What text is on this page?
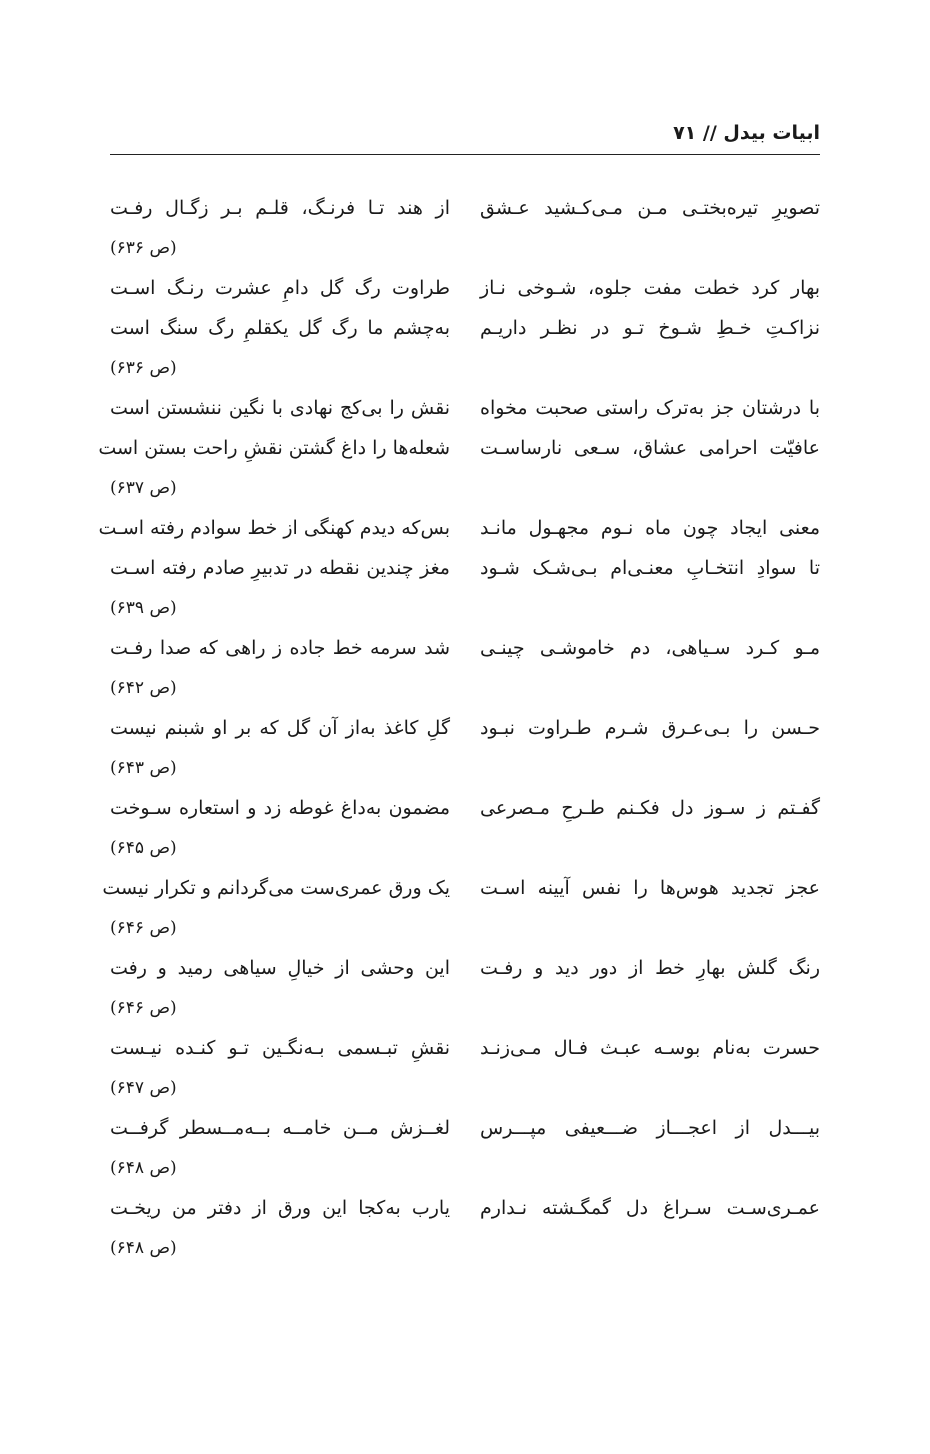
ابیات بیدل // ۷۱
تصویرِ تیره‌بختـی مـن مـی‌کـشید عـشق
از هند تـا فرنـگ، قلـم بـر زگـال رفـت
(ص ۶۳۶)
بهار کرد خطت مفت جلوه، شـوخی نـاز
طراوت رگ گل دامِ عشرت رنـگ اسـت
نزاکـتِ خـطِ شـوخ تـو در نظـر داریـم
به‌چشم ما رگ گل یکقلمِ رگ سنگ است
(ص ۶۳۶)
با درشتان جز به‌ترک راستی صحبت مخواه
نقش را بی‌کج نهادی با نگین ننشستن است
عافیّت احرامی عشاق، سـعی نارساسـت
شعله‌ها را داغ گشتن نقشِ راحت بستن است
(ص ۶۳۷)
معنی ایجاد چون ماه نـوم مجهـول مانـد
بس‌که دیدم کهنگی از خط سوادم رفته اسـت
تا سوادِ انتخـابِ معنـی‌ام بـی‌شـک شـود
مغز چندین نقطه در تدبیرِ صادم رفته اسـت
(ص ۶۳۹)
مـو کـرد سـیاهی، دم خاموشـی چینـی
شد سرمه خط جاده ز راهی که صدا رفـت
(ص ۶۴۲)
حـسن را بـی‌عـرق شـرم طـراوت نبـود
گلِ کاغذ به‌از آن گل که بر او شبنم نیست
(ص ۶۴۳)
گفـتم ز سـوز دل فکـنم طـرحِ مـصرعی
مضمون به‌داغ غوطه زد و استعاره سـوخت
(ص ۶۴۵)
عجز تجدید هوس‌ها را نفس آیینه اسـت
یک ورق عمری‌ست می‌گردانم و تکرار نیست
(ص ۶۴۶)
رنگ گلش بهارِ خط از دور دید و رفـت
این وحشی از خیالِ سیاهی رمید و رفت
(ص ۶۴۶)
حسرت به‌نام بوسـه عبـث فـال مـی‌زنـد
نقشِ تبـسمی بـه‌نگـین تـو کنـده نیـست
(ص ۶۴۷)
بیـــدل از اعجـــاز ضـــعیفی مپـــرس
لغــزش مــن خامــه بــه‌مــسطر گرفــت
(ص ۶۴۸)
عمـری‌سـت سـراغ دل گمگـشته نـدارم
یارب به‌کجا این ورق از دفتر من ریخـت
(ص ۶۴۸)
